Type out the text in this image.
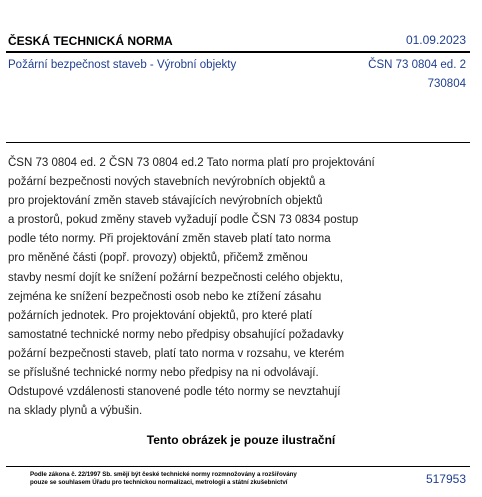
ČESKÁ TECHNICKÁ NORMA	01.09.2023
Požární bezpečnost staveb - Výrobní objekty	ČSN 73 0804 ed. 2
730804
ČSN 73 0804 ed. 2 ČSN 73 0804 ed.2 Tato norma platí pro projektování
požární bezpečnosti nových stavebních nevýrobních objektů a
pro projektování změn staveb stávajících nevýrobních objektů
a prostorů, pokud změny staveb vyžadují podle ČSN 73 0834 postup
podle této normy. Při projektování změn staveb platí tato norma
pro měněné části (popř. provozy) objektů, přičemž změnou
stavby nesmí dojít ke snížení požární bezpečnosti celého objektu,
zejména ke snížení bezpečnosti osob nebo ke ztížení zásahu
požárních jednotek. Pro projektování objektů, pro které platí
samostatné technické normy nebo předpisy obsahující požadavky
požární bezpečnosti staveb, platí tato norma v rozsahu, ve kterém
se příslušné technické normy nebo předpisy na ni odvolávají.
Odstupové vzdálenosti stanovené podle této normy se nevztahují
na sklady plynů a výbušin.
Tento obrázek je pouze ilustrační
Podle zákona č. 22/1997 Sb. smějí být české technické normy rozmnožovány a rozšiřovány
pouze se souhlasem Úřadu pro technickou normalizaci, metrologii a státní zkušebnictví	517953
